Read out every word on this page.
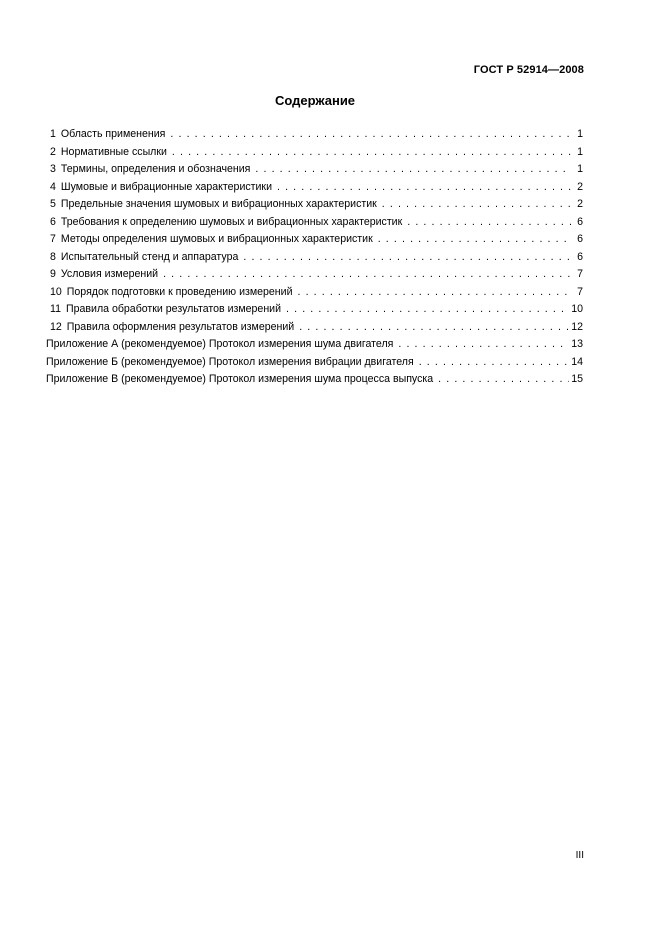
ГОСТ Р 52914—2008
Содержание
1 Область применения . . .	1
2 Нормативные ссылки . . .	1
3 Термины, определения и обозначения . . .	1
4 Шумовые и вибрационные характеристики . . .	2
5 Предельные значения шумовых и вибрационных характеристик . . .	2
6 Требования к определению шумовых и вибрационных характеристик . . .	6
7 Методы определения шумовых и вибрационных характеристик . . .	6
8 Испытательный стенд и аппаратура . . .	6
9 Условия измерений . . .	7
10 Порядок подготовки к проведению измерений . . .	7
11 Правила обработки результатов измерений . . .	10
12 Правила оформления результатов измерений . . .	12
Приложение А (рекомендуемое) Протокол измерения шума двигателя . . .	13
Приложение Б (рекомендуемое) Протокол измерения вибрации двигателя . . .	14
Приложение В (рекомендуемое) Протокол измерения шума процесса выпуска . . .	15
III
